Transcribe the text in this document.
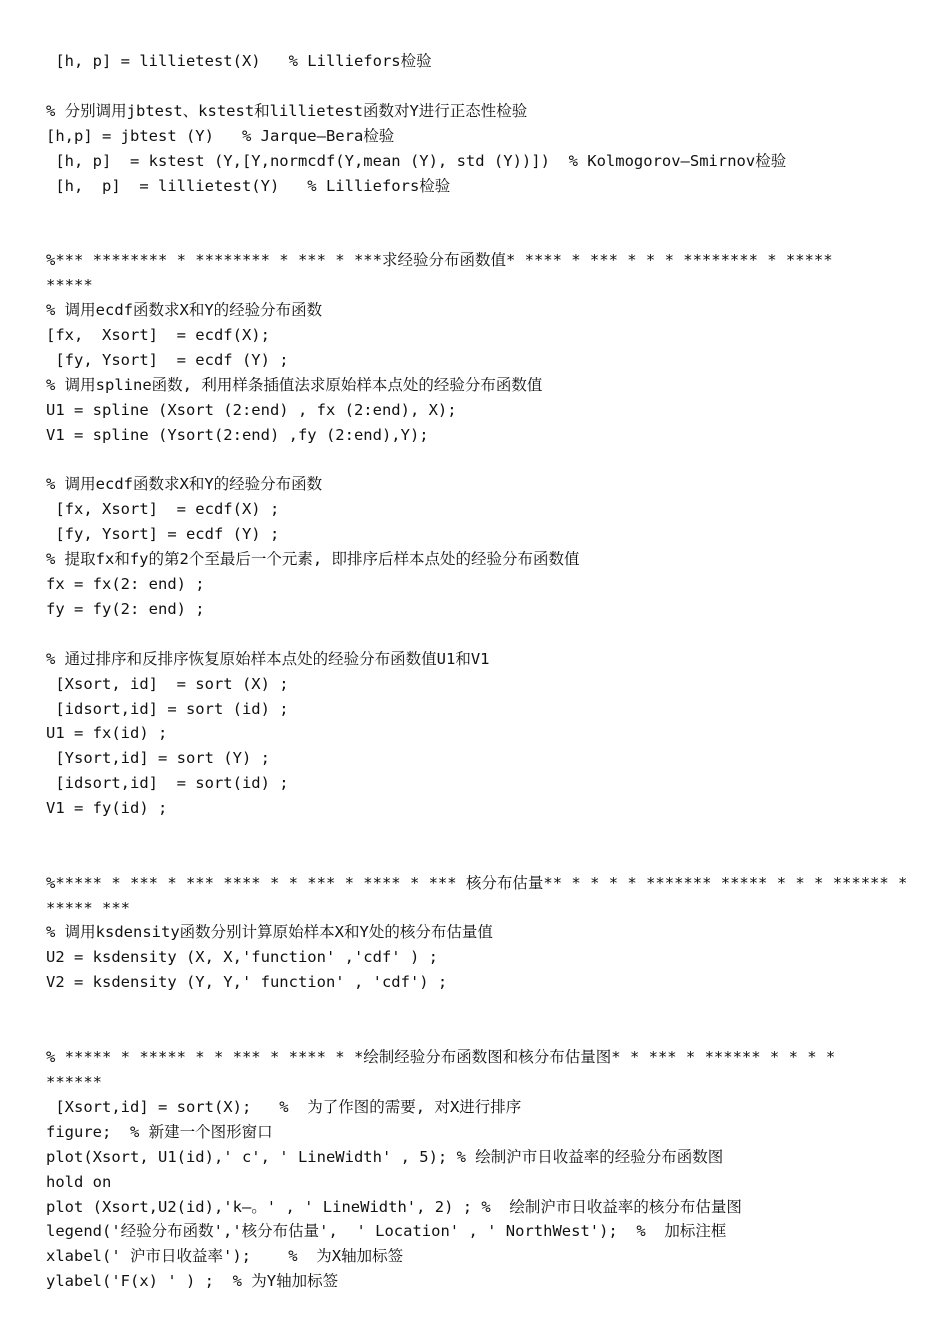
[h, p] = lillietest(X)   % Lilliefors检验
% 分别调用jbtest、kstest和lillietest函数对Y进行正态性检验
[h,p] = jbtest (Y)   % Jarque—Bera检验
[h, p]  = kstest (Y,[Y,normcdf(Y,mean (Y), std (Y))])  % Kolmogorov—Smirnov检验
[h,  p]  = lillietest(Y)   % Lilliefors检验
%*** ******** * ******** * *** * ***求经验分布函数值* **** * *** * * * ******** * *****
*****
% 调用ecdf函数求X和Y的经验分布函数
[fx,  Xsort]  = ecdf(X);
[fy, Ysort]  = ecdf (Y) ;
% 调用spline函数, 利用样条插值法求原始样本点处的经验分布函数值
U1 = spline (Xsort (2:end) , fx (2:end), X);
V1 = spline (Ysort(2:end) ,fy (2:end),Y);
% 调用ecdf函数求X和Y的经验分布函数
[fx, Xsort]  = ecdf(X) ;
[fy, Ysort] = ecdf (Y) ;
% 提取fx和fy的第2个至最后一个元素, 即排序后样本点处的经验分布函数值
fx = fx(2: end) ;
fy = fy(2: end) ;
% 通过排序和反排序恢复原始样本点处的经验分布函数值U1和V1
[Xsort, id]  = sort (X) ;
[idsort,id] = sort (id) ;
U1 = fx(id) ;
[Ysort,id] = sort (Y) ;
[idsort,id]  = sort(id) ;
V1 = fy(id) ;
%***** * *** * *** **** * * *** * **** * *** 核分布估量** * * * * ******* ***** * * * ****** *
***** ***
% 调用ksdensity函数分别计算原始样本X和Y处的核分布估量值
U2 = ksdensity (X, X,'function' ,'cdf' ) ;
V2 = ksdensity (Y, Y,' function' , 'cdf') ;
% ***** * ***** * * *** * **** * *绘制经验分布函数图和核分布估量图* * *** * ****** * * * *
******
[Xsort,id] = sort(X);   %  为了作图的需要, 对X进行排序
figure;  % 新建一个图形窗口
plot(Xsort, U1(id),' c', ' LineWidth' , 5); % 绘制沪市日收益率的经验分布函数图
hold on
plot (Xsort,U2(id),'k—。' , ' LineWidth', 2) ; %  绘制沪市日收益率的核分布估量图
legend('经验分布函数','核分布估量',  ' Location' , ' NorthWest');  %  加标注框
xlabel(' 沪市日收益率');    %  为X轴加标签
ylabel('F(x) ' ) ;  % 为Y轴加标签
